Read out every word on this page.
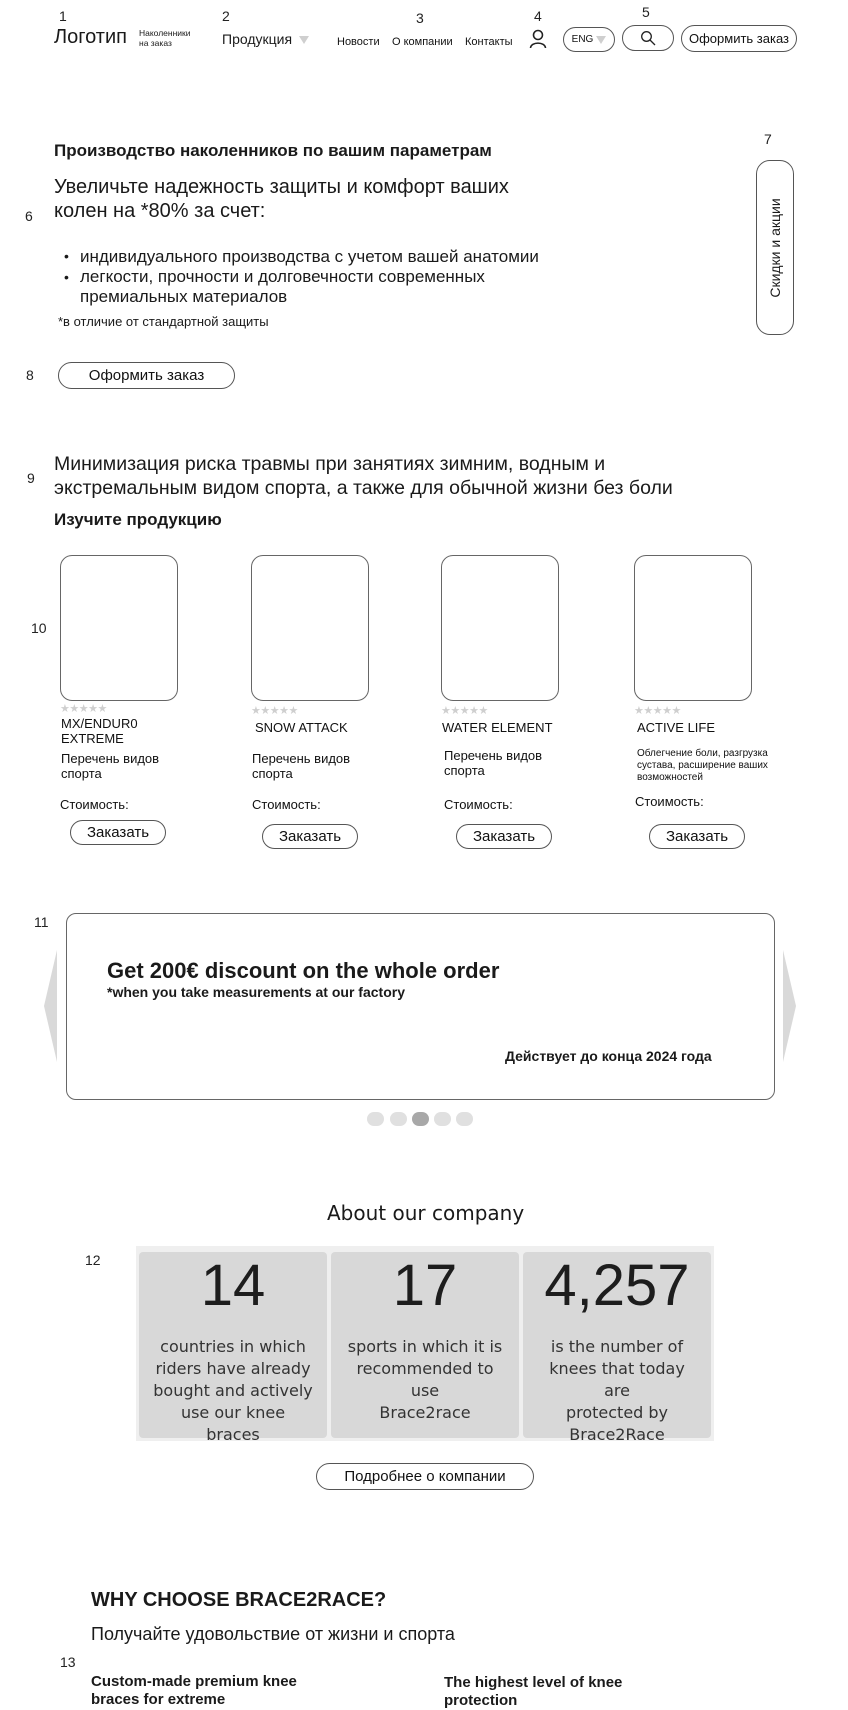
1	2	3	4	5
6
7
8
9
10
11
12
13
Логотип Наколенники
на заказ	Продукция	Новости О компании Контакты	ENG	Оформить заказ
Производство наколенников по вашим параметрам
Увеличьте надежность защиты и комфорт ваших
колен на *80% за счет:
• индивидуального производства с учетом вашей анатомии
• легкости, прочности и долговечности современных
премиальных материалов
*в отличие от стандартной защиты
Оформить заказ
Скидки и акции
Минимизация риска травмы при занятиях зимним, водным и
экстремальным видом спорта, а также для обычной жизни без боли
Изучите продукцию
★★★★★
MX/ENDUR0
EXTREME
Перечень видов
спорта
Стоимость:
Заказать
★★★★★
SNOW ATTACK
Перечень видов
спорта
Стоимость:
Заказать
★★★★★
WATER ELEMENT
Перечень видов
спорта
Стоимость:
Заказать
★★★★★
ACTIVE LIFE
Облегчение боли, разгрузка
сустава, расширение ваших
возможностей
Стоимость:
Заказать
Get 200€ discount on the whole order
*when you take measurements at our factory
Действует до конца 2024 года
About our company
14
countries in which
riders have already
bought and actively
use our knee braces
17
sports in which it is
recommended to use
Brace2race
4,257
is the number of
knees that today are
protected by
Brace2Race
Подробнее о компании
WHY CHOOSE BRACE2RACE?
Получайте удовольствие от жизни и спорта
Custom-made premium knee
braces for extreme
The highest level of knee
protection
